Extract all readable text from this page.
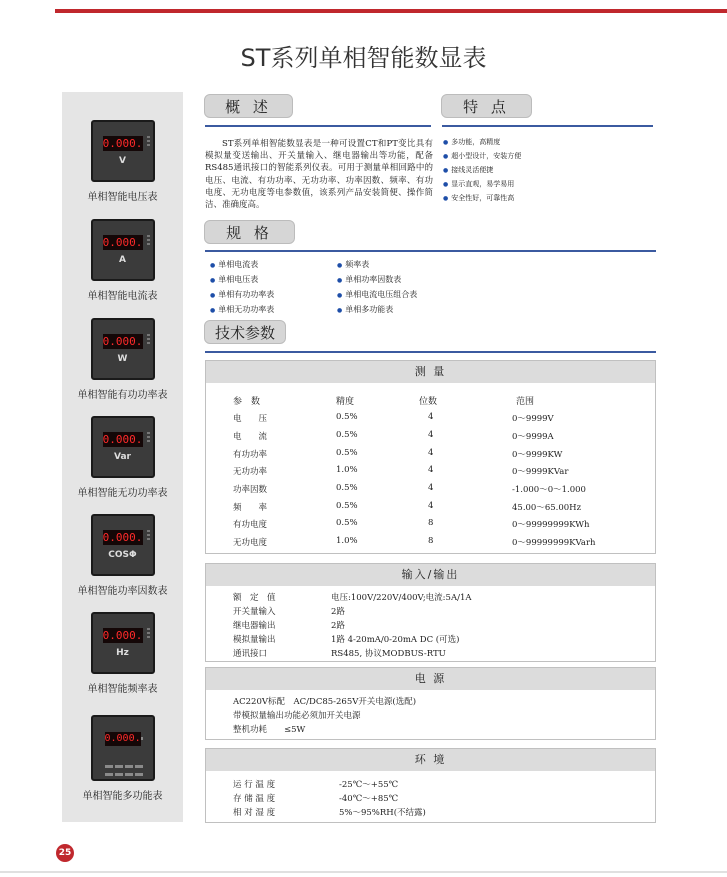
ST系列单相智能数显表
0.000.
V
单相智能电压表
0.000.
A
单相智能电流表
0.000.
W
单相智能有功功率表
0.000.
Var
单相智能无功功率表
0.000.
COSΦ
单相智能功率因数表
0.000.
Hz
单相智能频率表
0.000.
单相智能多功能表
概 述
ST系列单相智能数显表是一种可设置CT和PT变比具有模拟量变送输出、开关量输入、继电器输出等功能，配备RS485通讯接口的智能系列仪表。可用于测量单相回路中的电压、电流、有功功率、无功功率、功率因数、频率、有功电度、无功电度等电参数值，该系列产品安装简便、操作简洁、准确度高。
特 点
● 多功能，高精度
● 超小型设计，安装方便
● 接线灵活便捷
● 显示直观，易学易用
● 安全性好，可靠性高
规 格
● 单相电流表
● 单相电压表
● 单相有功功率表
● 单相无功功率表
● 频率表
● 单相功率因数表
● 单相电流电压组合表
● 单相多功能表
技术参数
测 量
参　数	精度	位数	范围
电　　压	0.5%	4	0～9999V
电　　流	0.5%	4	0～9999A
有功功率	0.5%	4	0～9999KW
无功功率	1.0%	4	0～9999KVar
功率因数	0.5%	4	-1.000～0～1.000
频　　率	0.5%	4	45.00～65.00Hz
有功电度	0.5%	8	0～99999999KWh
无功电度	1.0%	8	0～99999999KVarh
输入/输出
额　定　值	电压:100V/220V/400V;电流:5A/1A
开关量输入	2路
继电器输出	2路
模拟量输出	1路 4-20mA/0-20mA DC (可选)
通讯接口	RS485, 协议MODBUS-RTU
电 源
AC220V标配　AC/DC85-265V开关电源(选配)
带模拟量输出功能必须加开关电源
整机功耗　　≤5W
环 境
运 行 温 度	-25℃～+55℃
存 储 温 度	-40℃～+85℃
相 对 湿 度	5%～95%RH(不结露)
25
